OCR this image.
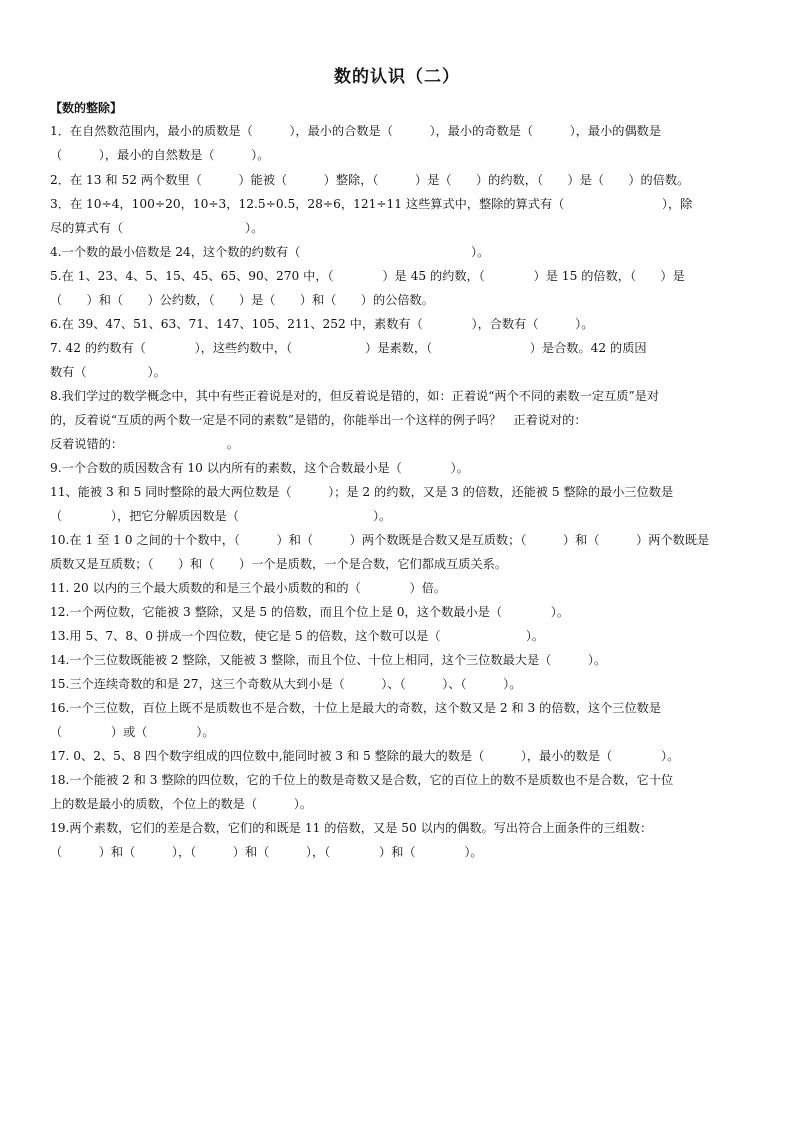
数的认识（二）
【数的整除】
1．在自然数范围内，最小的质数是（　　　），最小的合数是（　　　），最小的奇数是（　　　），最小的偶数是
（　　　），最小的自然数是（　　　）。
2．在 13 和 52 两个数里（　　　）能被（　　　）整除，（　　　）是（　　）的约数，（　　）是（　　）的倍数。
3．在 10÷4，100÷20，10÷3，12.5÷0.5，28÷6，121÷11 这些算式中，整除的算式有（　　　　　　　　），除
尽的算式有（　　　　　　　　　　）。
4.一个数的最小倍数是 24，这个数的约数有（　　　　　　　　　　　　　　）。
5.在 1、23、4、5、15、45、65、90、270 中，（　　　　）是 45 的约数，（　　　　）是 15 的倍数，（　　）是
（　　）和（　　）公约数，（　　）是（　　）和（　　）的公倍数。
6.在 39、47、51、63、71、147、105、211、252 中，素数有（　　　　），合数有（　　　）。
7. 42 的约数有（　　　　），这些约数中，（　　　　　　）是素数，（　　　　　　　　）是合数。42 的质因
数有（　　　　　）。
8.我们学过的数学概念中，其中有些正着说是对的，但反着说是错的，如：正着说“两个不同的素数一定互质”是对
的，反着说“互质的两个数一定是不同的素数”是错的，你能举出一个这样的例子吗？　正着说对的：
反着说错的：　　　　　　　　　。
9.一个合数的质因数含有 10 以内所有的素数，这个合数最小是（　　　　）。
11、能被 3 和 5 同时整除的最大两位数是（　　　）；是 2 的约数，又是 3 的倍数，还能被 5 整除的最小三位数是
（　　　　），把它分解质因数是（　　　　　　　　　　　）。
10.在 1 至 1 0 之间的十个数中，（　　　）和（　　　）两个数既是合数又是互质数；（　　　）和（　　　）两个数既是
质数又是互质数；（　　）和（　　）一个是质数，一个是合数，它们都成互质关系。
11. 20 以内的三个最大质数的和是三个最小质数的和的（　　　　）倍。
12.一个两位数，它能被 3 整除，又是 5 的倍数，而且个位上是 0，这个数最小是（　　　　）。
13.用 5、7、8、0 拼成一个四位数，使它是 5 的倍数，这个数可以是（　　　　　　　）。
14.一个三位数既能被 2 整除，又能被 3 整除，而且个位、十位上相同，这个三位数最大是（　　　）。
15.三个连续奇数的和是 27，这三个奇数从大到小是（　　　）、（　　　）、（　　　）。
16.一个三位数，百位上既不是质数也不是合数，十位上是最大的奇数，这个数又是 2 和 3 的倍数，这个三位数是
（　　　　）或（　　　　）。
17. 0、2、5、8 四个数字组成的四位数中,能同时被 3 和 5 整除的最大的数是（　　　），最小的数是（　　　　）。
18.一个能被 2 和 3 整除的四位数，它的千位上的数是奇数又是合数，它的百位上的数不是质数也不是合数，它十位
上的数是最小的质数，个位上的数是（　　　）。
19.两个素数，它们的差是合数，它们的和既是 11 的倍数，又是 50 以内的偶数。写出符合上面条件的三组数：
（　　　）和（　　　），（　　　）和（　　　），（　　　　）和（　　　　）。
